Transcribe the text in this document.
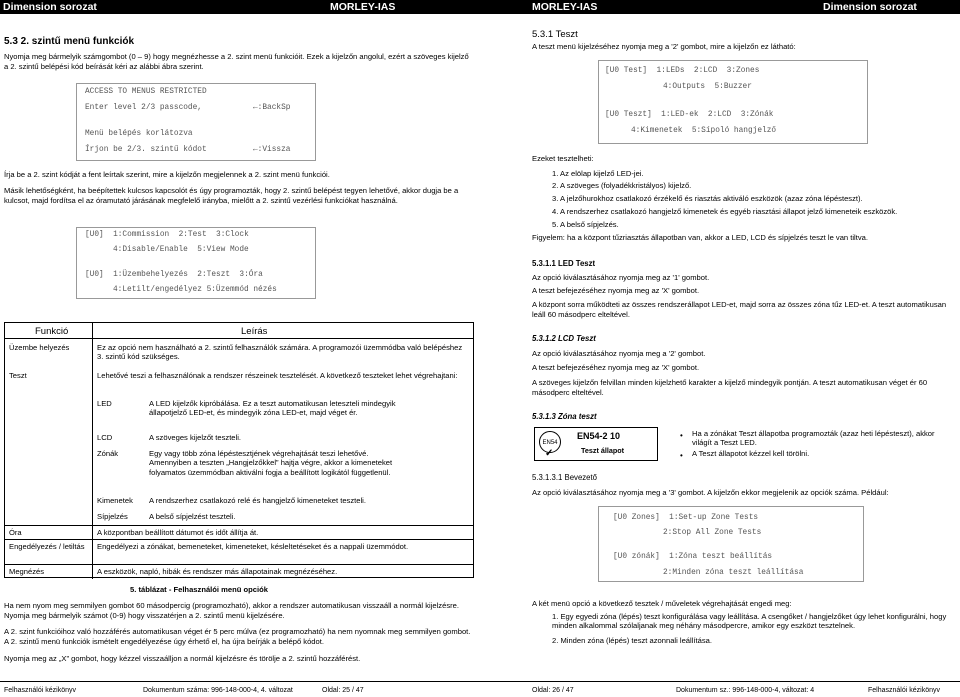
Dimension sorozat	MORLEY-IAS
5.3 2. szintű menü funkciók

Nyomja meg bármelyik számgombot (0 – 9) hogy megnézhesse a 2. szint menü funkcióit. Ezek a kijelzőn angolul, ezért a szöveges kijelző a 2. szintű belépési kód beírását kéri az alábbi ábra szerint.

ACCESS TO MENUS RESTRICTED
Enter level 2/3 passcode,	←:BackSp
Menü belépés korlátozva
Írjon be 2/3. szintű kódot	←:Vissza

Írja be a 2. szint kódját a fent leírtak szerint, mire a kijelzőn megjelennek a 2. szint menü funkciói.

Másik lehetőségként, ha beépítettek kulcsos kapcsolót és úgy programozták, hogy 2. szintű belépést tegyen lehetővé, akkor dugja be a kulcsot, majd fordítsa el az óramutató járásának megfelelő irányba, mielőtt a 2. szintű vezérlési funkciókat használná.

[U0]  1:Commission  2:Test  3:Clock
4:Disable/Enable  5:View Mode
[U0]  1:Üzembehelyezés  2:Teszt  3:Óra
4:Letilt/engedélyez 5:Üzemmód nézés
Funkció	Leírás
Üzembe helyezés	Ez az opció nem használható a 2. szintű felhasználók számára. A programozói üzemmódba való belépéshez 3. szintű kód szükséges.
Teszt	Lehetővé teszi a felhasználónak a rendszer részeinek tesztelését. A következő teszteket lehet végrehajtani:
LED	A LED kijelzők kipróbálása. Ez a teszt automatikusan leteszteli mindegyik állapotjelző LED-et, és mindegyik zóna LED-et, majd véget ér.
LCD	A szöveges kijelzőt teszteli.
Zónák	Egy vagy több zóna lépéstesztjének végrehajtását teszi lehetővé. Amennyiben a teszten „Hangjelzőkkel” hajtja végre, akkor a kimeneteket folyamatos üzemmódban aktiválni fogja a beállított logikától függetlenül.
Kimenetek A rendszerhez csatlakozó relé és hangjelző kimeneteket teszteli.
Sípjelzés	A belső sípjelzést teszteli.
Óra	A központban beállított dátumot és időt állítja át.
Engedélyezés / letiltás	Engedélyezi a zónákat, bemeneteket, kimeneteket, késleltetéseket és a nappali üzemmódot.
Megnézés	A eszközök, napló, hibák és rendszer más állapotainak megnézéséhez.
5. táblázat - Felhasználói menü opciók

Ha nem nyom meg semmilyen gombot 60 másodpercig (programozható), akkor a rendszer automatikusan visszaáll a normál kijelzésre. Nyomja meg bármelyik számot (0-9) hogy visszatérjen a 2. szintű menü kijelzésére.

A 2. szint funkcióihoz való hozzáférés automatikusan véget ér 5 perc múlva (ez programozható) ha nem nyomnak meg semmilyen gombot. A 2. szintű menü funkciók ismételt engedélyezése úgy érhető el, ha újra beírják a belépő kódot.

Nyomja meg az „X” gombot, hogy kézzel visszaálljon a normál kijelzésre és törölje a 2. szintű hozzáférést.

Felhasználói kézikönyv	Dokumentum száma: 996-148-000-4, 4. változat	Oldal: 25 / 47
MORLEY-IAS	Dimension sorozat
5.3.1 Teszt

A teszt menü kijelzéséhez nyomja meg a '2' gombot, mire a kijelzőn ez látható:

[U0 Test]  1:LEDs  2:LCD  3:Zones
4:Outputs  5:Buzzer
[U0 Teszt]  1:LED-ek  2:LCD  3:Zónák
4:Kimenetek  5:Sípoló hangjelző
Ezeket tesztelheti:
1. Az elölap kijelző LED-jei.
2. A szöveges (folyadékkristályos) kijelző.
3. A jelzőhurokhoz csatlakozó érzékelő és riasztás aktiváló eszközök (azaz zóna lépésteszt).
4. A rendszerhez csatlakozó hangjelző kimenetek és egyéb riasztási állapot jelző kimeneteik eszközök.
5. A belső sípjelzés.

Figyelem: ha a központ tűzriasztás állapotban van, akkor a LED, LCD és sípjelzés teszt le van tiltva.

5.3.1.1 LED Teszt

Az opció kiválasztásához nyomja meg az '1' gombot.

A teszt befejezéséhez nyomja meg az 'X' gombot.

A központ sorra működteti az összes rendszerállapot LED-et, majd sorra az összes zóna tűz LED-et. A teszt automatikusan leáll 60 másodperc elteltével.

5.3.1.2 LCD Teszt

Az opció kiválasztásához nyomja meg a '2' gombot.

A teszt befejezéséhez nyomja meg az 'X' gombot.

A szöveges kijelzőn felvillan minden kijelzhető karakter a kijelző mindegyik pontján. A teszt automatikusan véget ér 60 másodperc elteltével.

5.3.1.3 Zóna teszt
EN54
✓
EN54-2 10
Teszt állapot
• Ha a zónákat Teszt állapotba programozták (azaz heti lépésteszt), akkor világít a Teszt LED.
• A Teszt állapotot kézzel kell törölni.
5.3.1.3.1 Bevezető

Az opció kiválasztásához nyomja meg a '3' gombot. A kijelzőn ekkor megjelenik az opciók száma. Például:

[U0 Zones]  1:Set-up Zone Tests
2:Stop All Zone Tests
[U0 zónák]  1:Zóna teszt beállítás
2:Minden zóna teszt leállítása

A két menü opció a következő tesztek / műveletek végrehajtását engedi meg:

1. Egy egyedi zóna (lépés) teszt konfigurálása vagy leállítása. A csengőket / hangjelzőket úgy lehet konfigurálni, hogy minden alkalommal szólaljanak meg néhány másodpercre, amikor egy eszközt tesztelnek.
2. Minden zóna (lépés) teszt azonnali leállítása.
Oldal: 26 / 47	Dokumentum sz.: 996-148-000-4, változat: 4	Felhasználói kézikönyv
